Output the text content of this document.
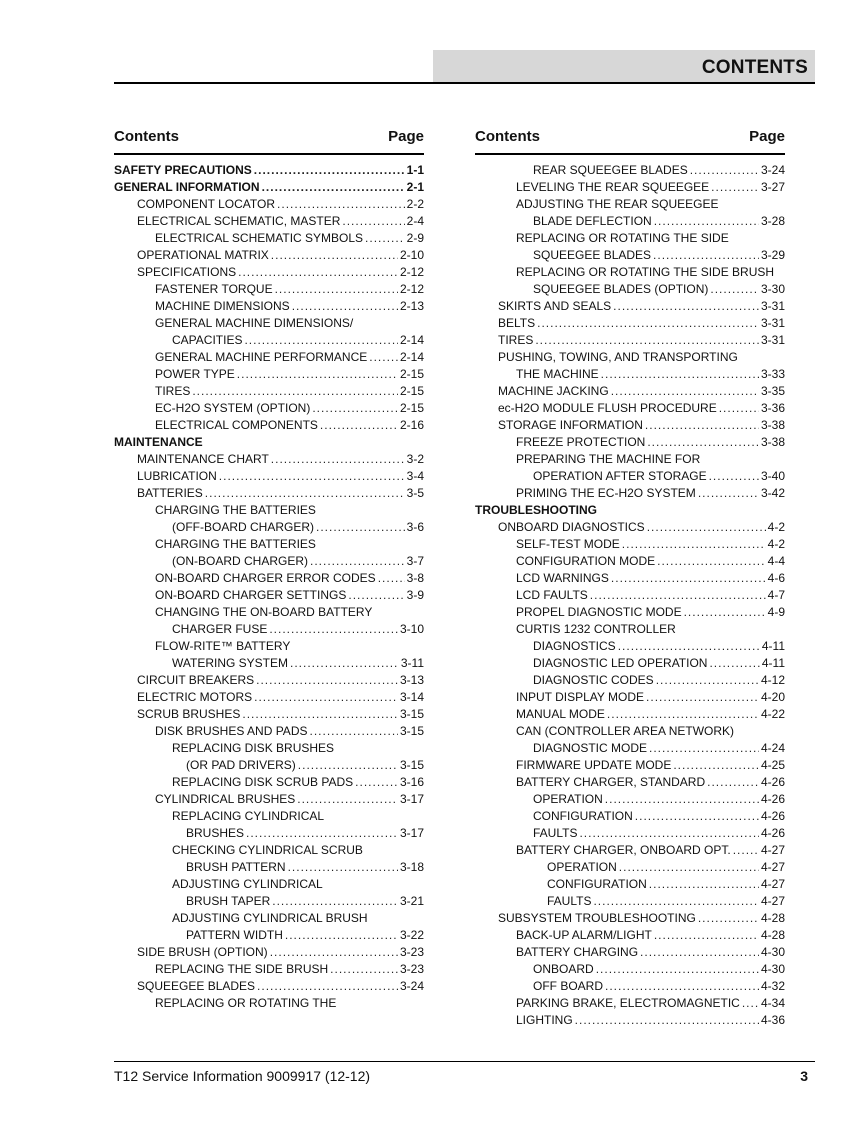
CONTENTS
Contents	Page
SAFETY PRECAUTIONS .....	1-1
GENERAL INFORMATION .....	2-1
COMPONENT LOCATOR .....	2-2
ELECTRICAL SCHEMATIC, MASTER .....	2-4
ELECTRICAL SCHEMATIC SYMBOLS .....	2-9
OPERATIONAL MATRIX .....	2-10
SPECIFICATIONS .....	2-12
FASTENER TORQUE .....	2-12
MACHINE DIMENSIONS .....	2-13
GENERAL MACHINE DIMENSIONS/
CAPACITIES .....	2-14
GENERAL MACHINE PERFORMANCE .....	2-14
POWER TYPE .....	2-15
TIRES .....	2-15
EC-H2O SYSTEM (OPTION) .....	2-15
ELECTRICAL COMPONENTS .....	2-16
MAINTENANCE
MAINTENANCE CHART .....	3-2
LUBRICATION .....	3-4
BATTERIES .....	3-5
CHARGING THE BATTERIES
(OFF-BOARD CHARGER) .....	3-6
CHARGING THE BATTERIES
(ON-BOARD CHARGER) .....	3-7
ON-BOARD CHARGER ERROR CODES .....	3-8
ON-BOARD CHARGER SETTINGS .....	3-9
CHANGING THE ON-BOARD BATTERY
CHARGER FUSE .....	3-10
FLOW-RITE™ BATTERY
WATERING SYSTEM .....	3-11
CIRCUIT BREAKERS .....	3-13
ELECTRIC MOTORS .....	3-14
SCRUB BRUSHES .....	3-15
DISK BRUSHES AND PADS .....	3-15
REPLACING DISK BRUSHES
(OR PAD DRIVERS) .....	3-15
REPLACING DISK SCRUB PADS .....	3-16
CYLINDRICAL BRUSHES .....	3-17
REPLACING CYLINDRICAL
BRUSHES .....	3-17
CHECKING CYLINDRICAL SCRUB
BRUSH PATTERN .....	3-18
ADJUSTING CYLINDRICAL
BRUSH TAPER .....	3-21
ADJUSTING CYLINDRICAL BRUSH
PATTERN WIDTH .....	3-22
SIDE BRUSH (OPTION) .....	3-23
REPLACING THE SIDE BRUSH .....	3-23
SQUEEGEE BLADES .....	3-24
REPLACING OR ROTATING THE
Contents	Page
REAR SQUEEGEE BLADES .....	3-24
LEVELING THE REAR SQUEEGEE .....	3-27
ADJUSTING THE REAR SQUEEGEE
BLADE DEFLECTION .....	3-28
REPLACING OR ROTATING THE SIDE
SQUEEGEE BLADES .....	3-29
REPLACING OR ROTATING THE SIDE BRUSH
SQUEEGEE BLADES (OPTION) .....	3-30
SKIRTS AND SEALS .....	3-31
BELTS .....	3-31
TIRES .....	3-31
PUSHING, TOWING, AND TRANSPORTING
THE MACHINE .....	3-33
MACHINE JACKING .....	3-35
ec-H2O MODULE FLUSH PROCEDURE .....	3-36
STORAGE INFORMATION .....	3-38
FREEZE PROTECTION .....	3-38
PREPARING THE MACHINE FOR
OPERATION AFTER STORAGE .....	3-40
PRIMING THE EC-H2O SYSTEM .....	3-42
TROUBLESHOOTING
ONBOARD DIAGNOSTICS .....	4-2
SELF-TEST MODE .....	4-2
CONFIGURATION MODE .....	4-4
LCD WARNINGS .....	4-6
LCD FAULTS .....	4-7
PROPEL DIAGNOSTIC MODE .....	4-9
CURTIS 1232 CONTROLLER
DIAGNOSTICS .....	4-11
DIAGNOSTIC LED OPERATION .....	4-11
DIAGNOSTIC CODES .....	4-12
INPUT DISPLAY MODE .....	4-20
MANUAL MODE .....	4-22
CAN (CONTROLLER AREA NETWORK)
DIAGNOSTIC MODE .....	4-24
FIRMWARE UPDATE MODE .....	4-25
BATTERY CHARGER, STANDARD .....	4-26
OPERATION .....	4-26
CONFIGURATION .....	4-26
FAULTS .....	4-26
BATTERY CHARGER, ONBOARD OPT. .....	4-27
OPERATION .....	4-27
CONFIGURATION .....	4-27
FAULTS .....	4-27
SUBSYSTEM TROUBLESHOOTING .....	4-28
BACK-UP ALARM/LIGHT .....	4-28
BATTERY CHARGING .....	4-30
ONBOARD .....	4-30
OFF BOARD .....	4-32
PARKING BRAKE, ELECTROMAGNETIC ..... 4-34
LIGHTING .....	4-36
T12 Service Information 9009917 (12-12)	3
